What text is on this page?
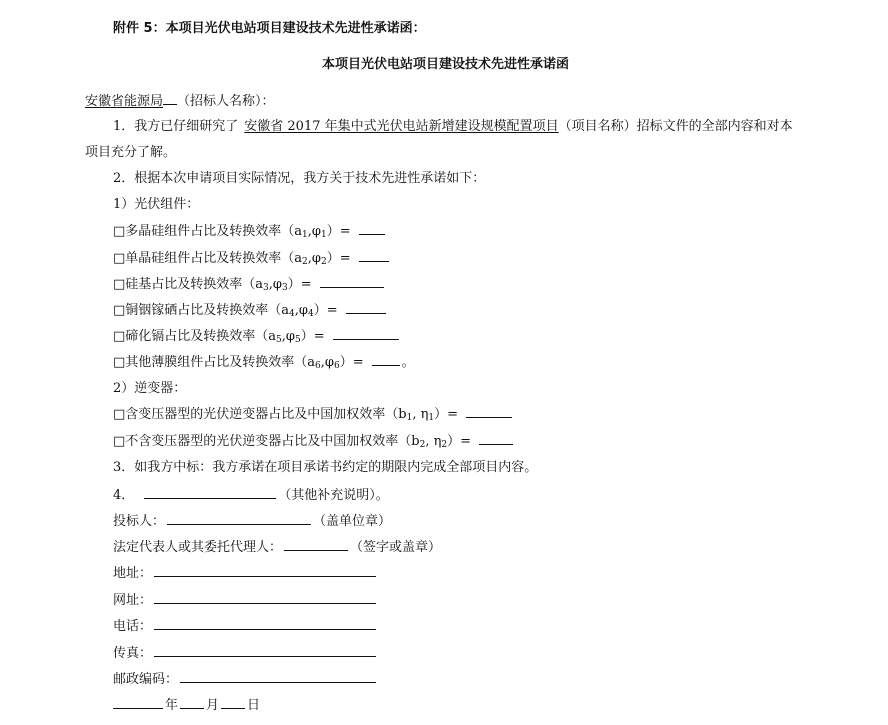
附件 5：本项目光伏电站项目建设技术先进性承诺函：
本项目光伏电站项目建设技术先进性承诺函
安徽省能源局 （招标人名称）：
1．我方已仔细研究了 安徽省 2017 年集中式光伏电站新增建设规模配置项目（项目名称）招标文件的全部内容和对本
项目充分了解。
2．根据本次申请项目实际情况，我方关于技术先进性承诺如下：
1）光伏组件：
□多晶硅组件占比及转换效率$(a_1,\varphi_1)=$
□单晶硅组件占比及转换效率$(a_2,\varphi_2)=$
□硅基占比及转换效率$(a_3,\varphi_3)=$
□铜铟镓硒占比及转换效率$(a_4,\varphi_4)=$
□碲化镉占比及转换效率$(a_5,\varphi_5)=$
□其他薄膜组件占比及转换效率$(a_6,\varphi_6)=$	。
2）逆变器：
□含变压器型的光伏逆变器占比及中国加权效率（$b_1$, $\eta_1)=$
□不含变压器型的光伏逆变器占比及中国加权效率（$b_2$, $\eta_2)=$
3．如我方中标：我方承诺在项目承诺书约定的期限内完成全部项目内容。
4．	（其他补充说明）。
投标人：	（盖单位章）
法定代表人或其委托代理人：	（签字或盖章）
地址：
网址：
电话：
传真：
邮政编码：
年 月 日
